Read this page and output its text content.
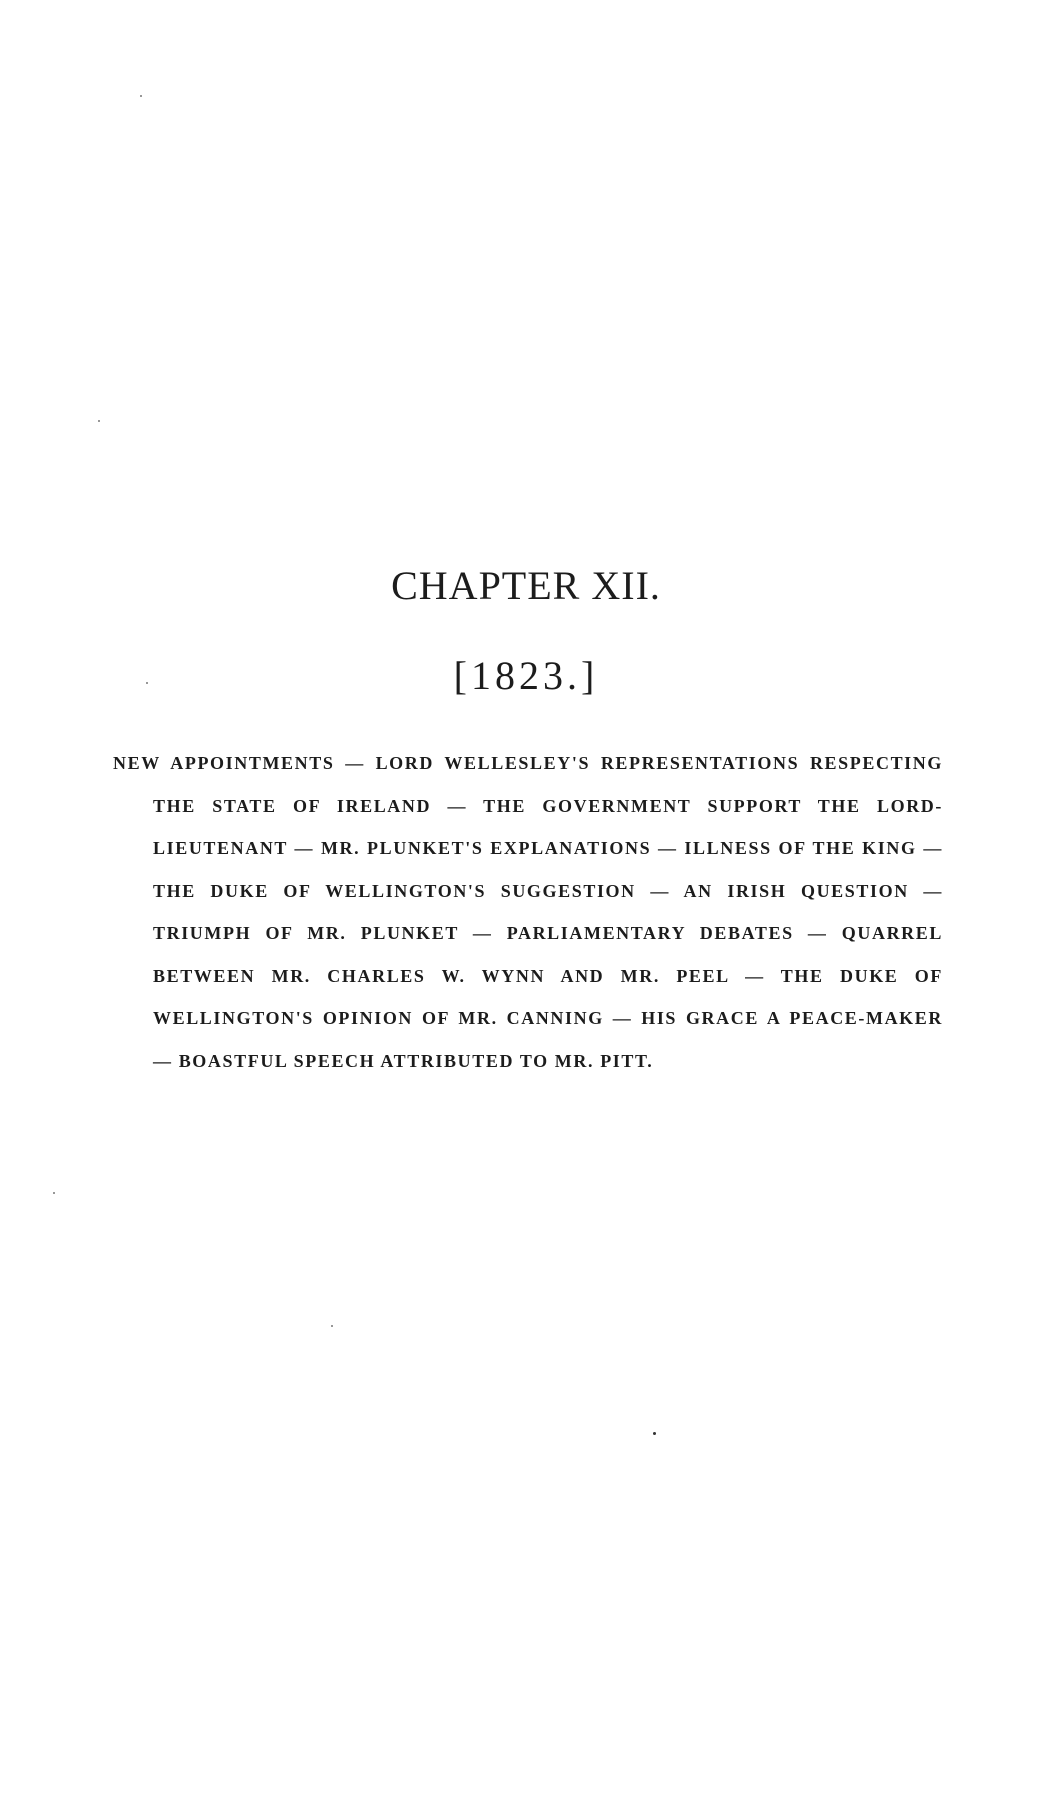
CHAPTER XII.
[1823.]
NEW APPOINTMENTS — LORD WELLESLEY'S REPRESENTATIONS RESPECTING THE STATE OF IRELAND — THE GOVERNMENT SUPPORT THE LORD-LIEUTENANT — MR. PLUNKET'S EXPLANATIONS — ILLNESS OF THE KING — THE DUKE OF WELLINGTON'S SUGGESTION — AN IRISH QUESTION — TRIUMPH OF MR. PLUNKET — PARLIAMENTARY DEBATES — QUARREL BETWEEN MR. CHARLES W. WYNN AND MR. PEEL — THE DUKE OF WELLINGTON'S OPINION OF MR. CANNING — HIS GRACE A PEACE-MAKER — BOASTFUL SPEECH ATTRIBUTED TO MR. PITT.
